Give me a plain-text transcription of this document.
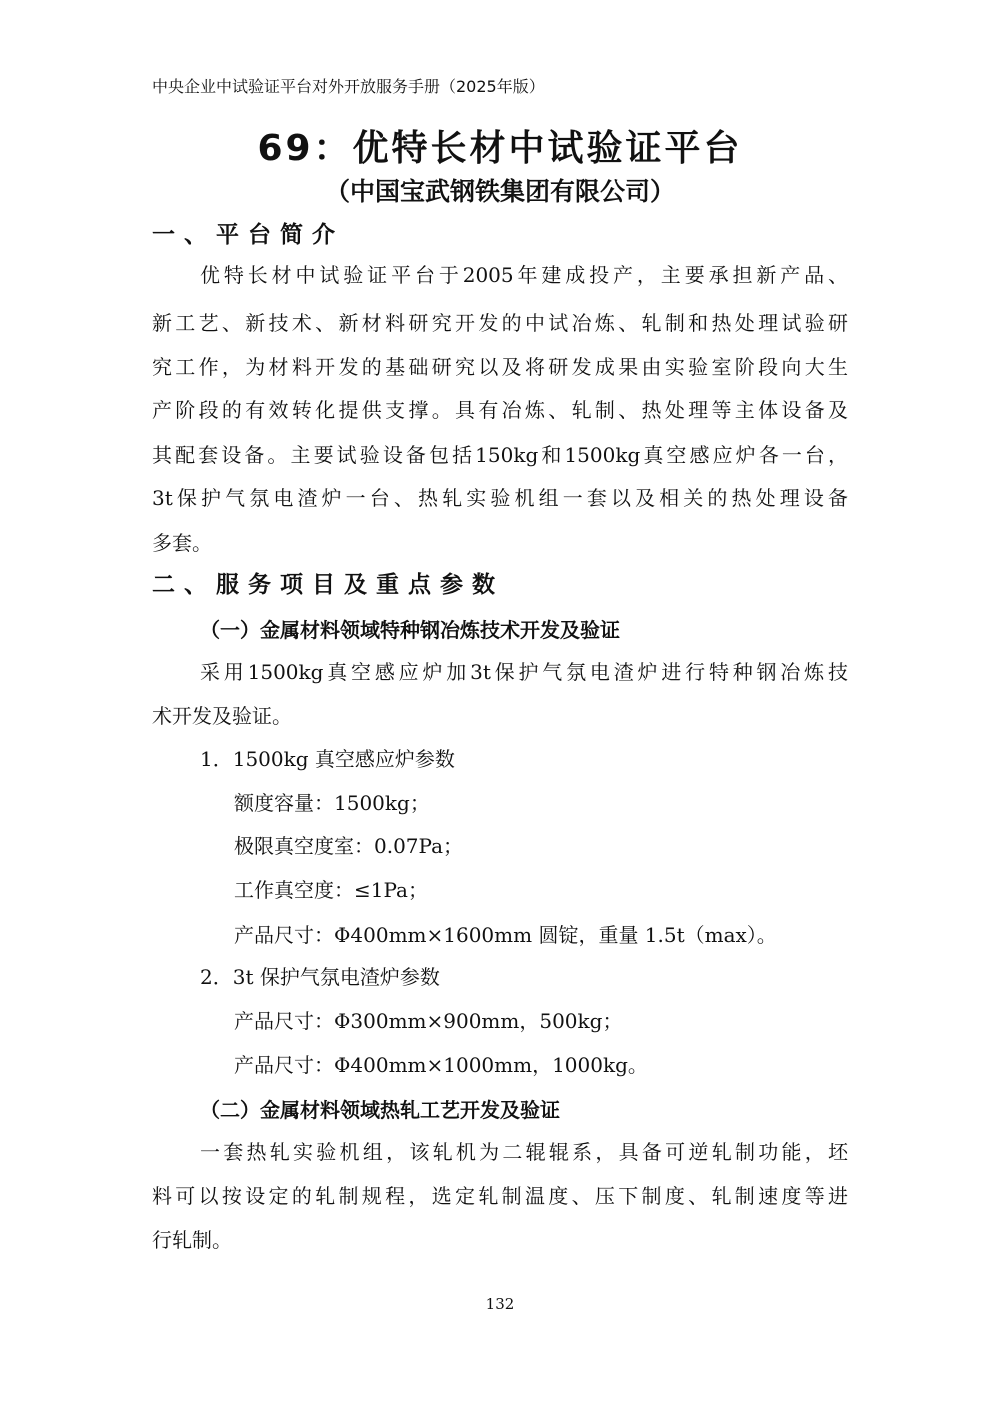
中央企业中试验证平台对外开放服务手册（2025年版）
69：优特长材中试验证平台
（中国宝武钢铁集团有限公司）
一、平台简介
优特长材中试验证平台于2005年建成投产，主要承担新产品、
新工艺、新技术、新材料研究开发的中试冶炼、轧制和热处理试验研
究工作，为材料开发的基础研究以及将研发成果由实验室阶段向大生
产阶段的有效转化提供支撑。具有冶炼、轧制、热处理等主体设备及
其配套设备。主要试验设备包括150kg和1500kg真空感应炉各一台，
3t保护气氛电渣炉一台、热轧实验机组一套以及相关的热处理设备
多套。
二、服务项目及重点参数
（一）金属材料领域特种钢冶炼技术开发及验证
采用1500kg真空感应炉加3t保护气氛电渣炉进行特种钢冶炼技
术开发及验证。
1．1500kg 真空感应炉参数
额度容量：1500kg；
极限真空度室：0.07Pa；
工作真空度：≤1Pa；
产品尺寸：Φ400mm×1600mm 圆锭，重量 1.5t（max）。
2．3t 保护气氛电渣炉参数
产品尺寸：Φ300mm×900mm，500kg；
产品尺寸：Φ400mm×1000mm，1000kg。
（二）金属材料领域热轧工艺开发及验证
一套热轧实验机组，该轧机为二辊辊系，具备可逆轧制功能，坯
料可以按设定的轧制规程，选定轧制温度、压下制度、轧制速度等进
行轧制。
132
